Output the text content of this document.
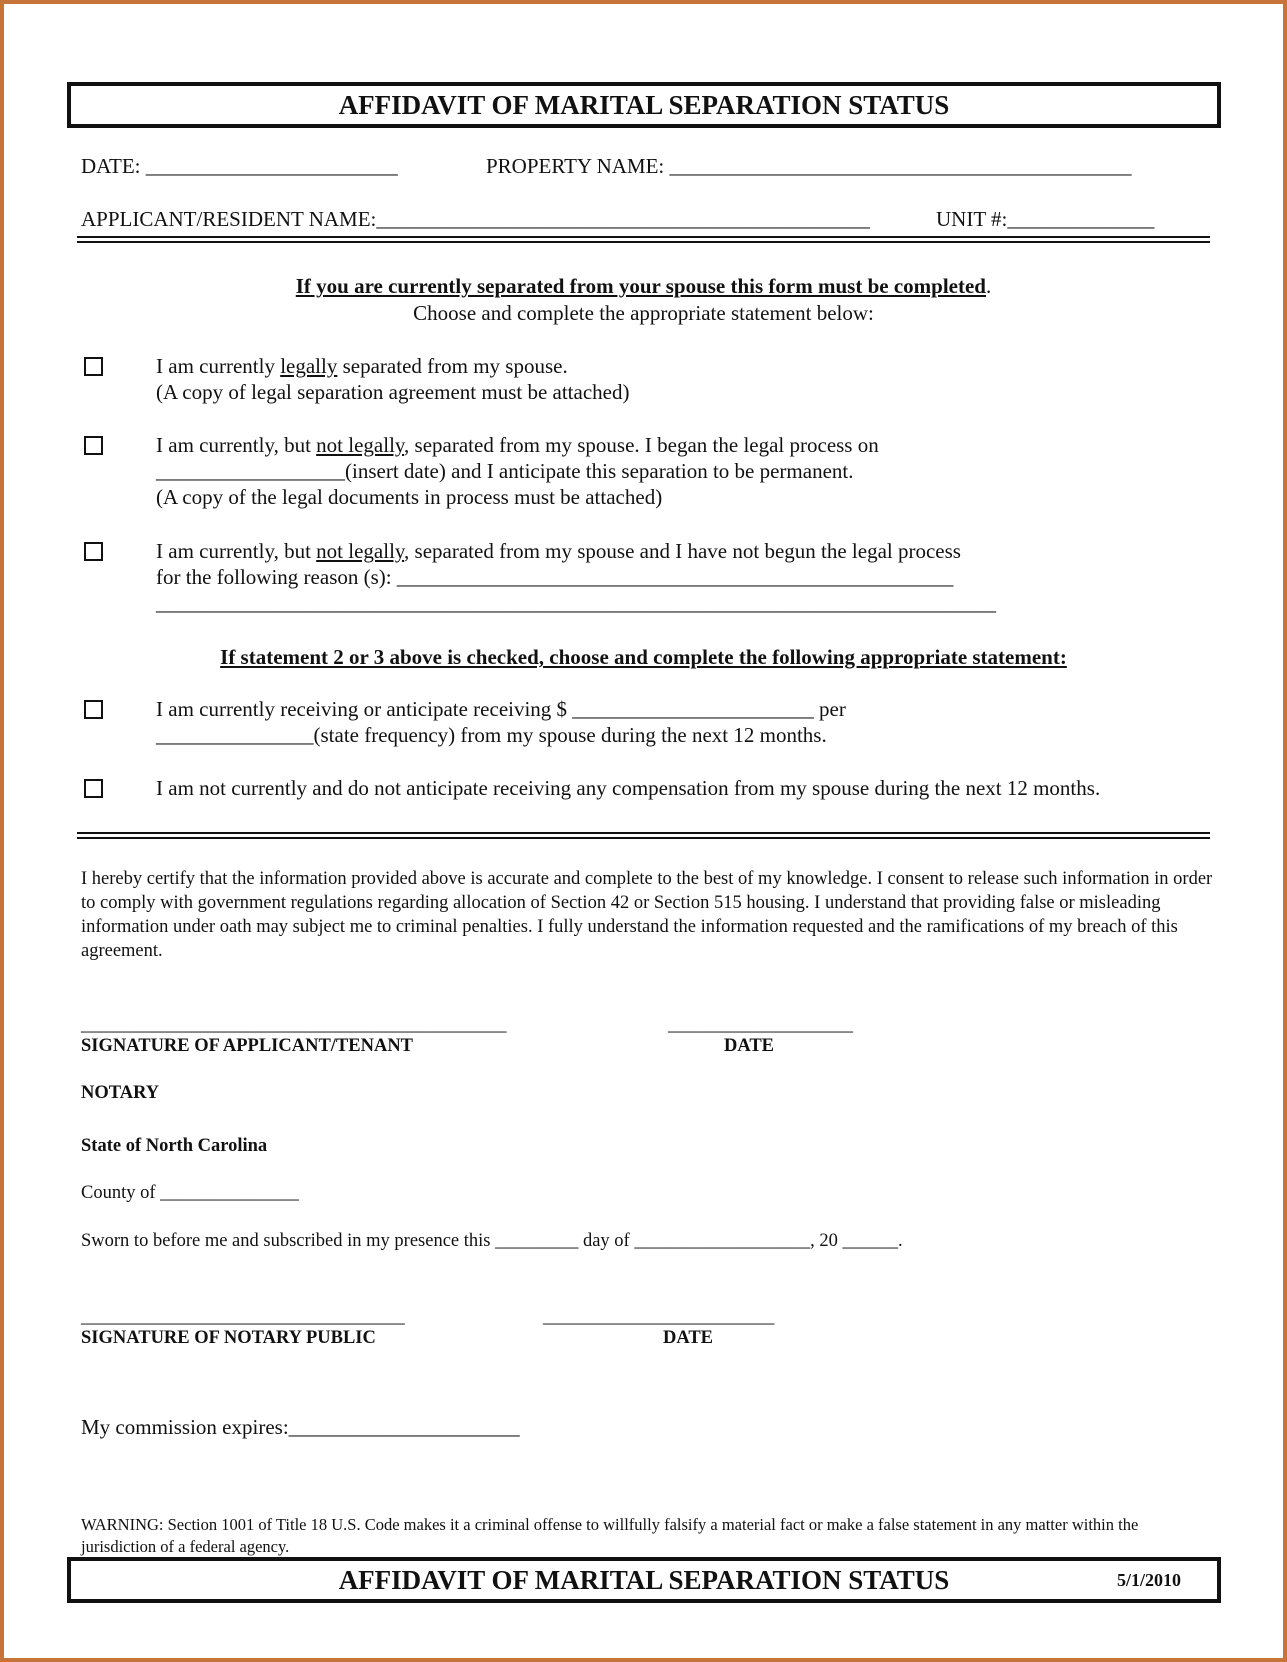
AFFIDAVIT OF MARITAL SEPARATION STATUS
DATE: ________________________	PROPERTY NAME: ____________________________________________
APPLICANT/RESIDENT NAME:_______________________________________________	UNIT #:______________
If you are currently separated from your spouse this form must be completed.
Choose and complete the appropriate statement below:
I am currently legally separated from my spouse.
(A copy of legal separation agreement must be attached)
I am currently, but not legally, separated from my spouse. I began the legal process on
__________________(insert date) and I anticipate this separation to be permanent.
(A copy of the legal documents in process must be attached)
I am currently, but not legally, separated from my spouse and I have not begun the legal process
for the following reason (s): _____________________________________________________
________________________________________________________________________________
If statement 2 or 3 above is checked, choose and complete the following appropriate statement:
I am currently receiving or anticipate receiving $ _______________________ per
_______________(state frequency) from my spouse during the next 12 months.
I am not currently and do not anticipate receiving any compensation from my spouse during the next 12 months.
I hereby certify that the information provided above is accurate and complete to the best of my knowledge. I consent to release such information in order to comply with government regulations regarding allocation of Section 42 or Section 515 housing. I understand that providing false or misleading information under oath may subject me to criminal penalties. I fully understand the information requested and the ramifications of my breach of this agreement.
______________________________________________	____________________
SIGNATURE OF APPLICANT/TENANT	DATE
NOTARY
State of North Carolina
County of _______________
Sworn to before me and subscribed in my presence this _________ day of ___________________, 20 ______.
___________________________________	_________________________
SIGNATURE OF NOTARY PUBLIC	DATE
My commission expires:______________________
WARNING: Section 1001 of Title 18 U.S. Code makes it a criminal offense to willfully falsify a material fact or make a false statement in any matter within the jurisdiction of a federal agency.
AFFIDAVIT OF MARITAL SEPARATION STATUS	5/1/2010
